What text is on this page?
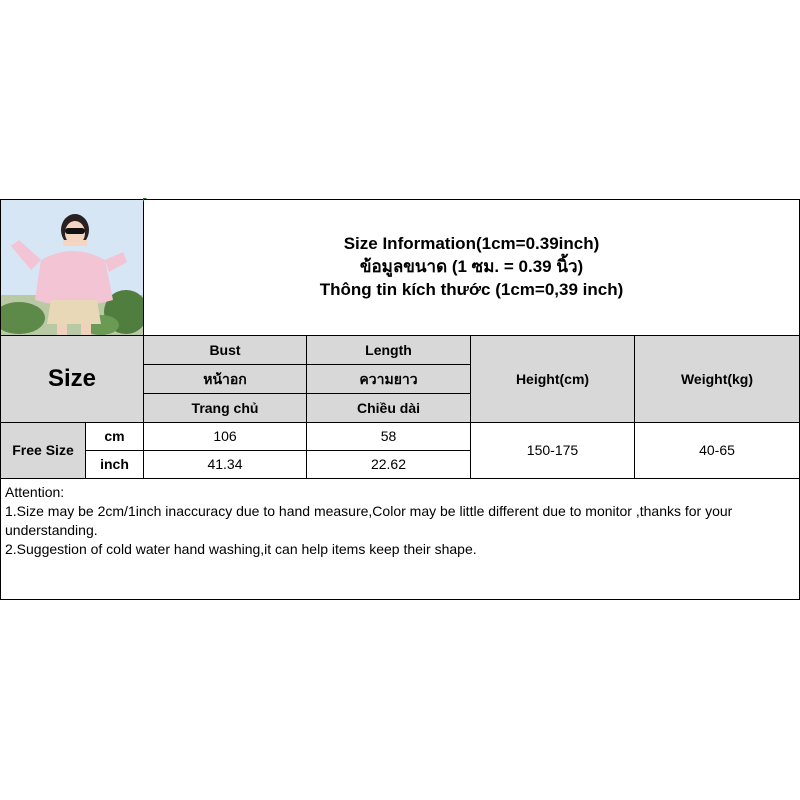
Size Information(1cm=0.39inch)
ข้อมูลขนาด (1 ซม. = 0.39 นิ้ว)
Thông tin kích thước (1cm=0,39 inch)
Size
Bust
หน้าอก
Trang chủ
Length
ความยาว
Chiều dài
Height(cm)	Weight(kg)
Free Size
cm
inch
106
41.34
58
22.62
150-175	40-65

Attention:

1.Size may be 2cm/1inch inaccuracy due to hand measure,Color may be little different due to monitor ,thanks for your understanding.

2.Suggestion of cold water hand washing,it can help items keep their shape.
